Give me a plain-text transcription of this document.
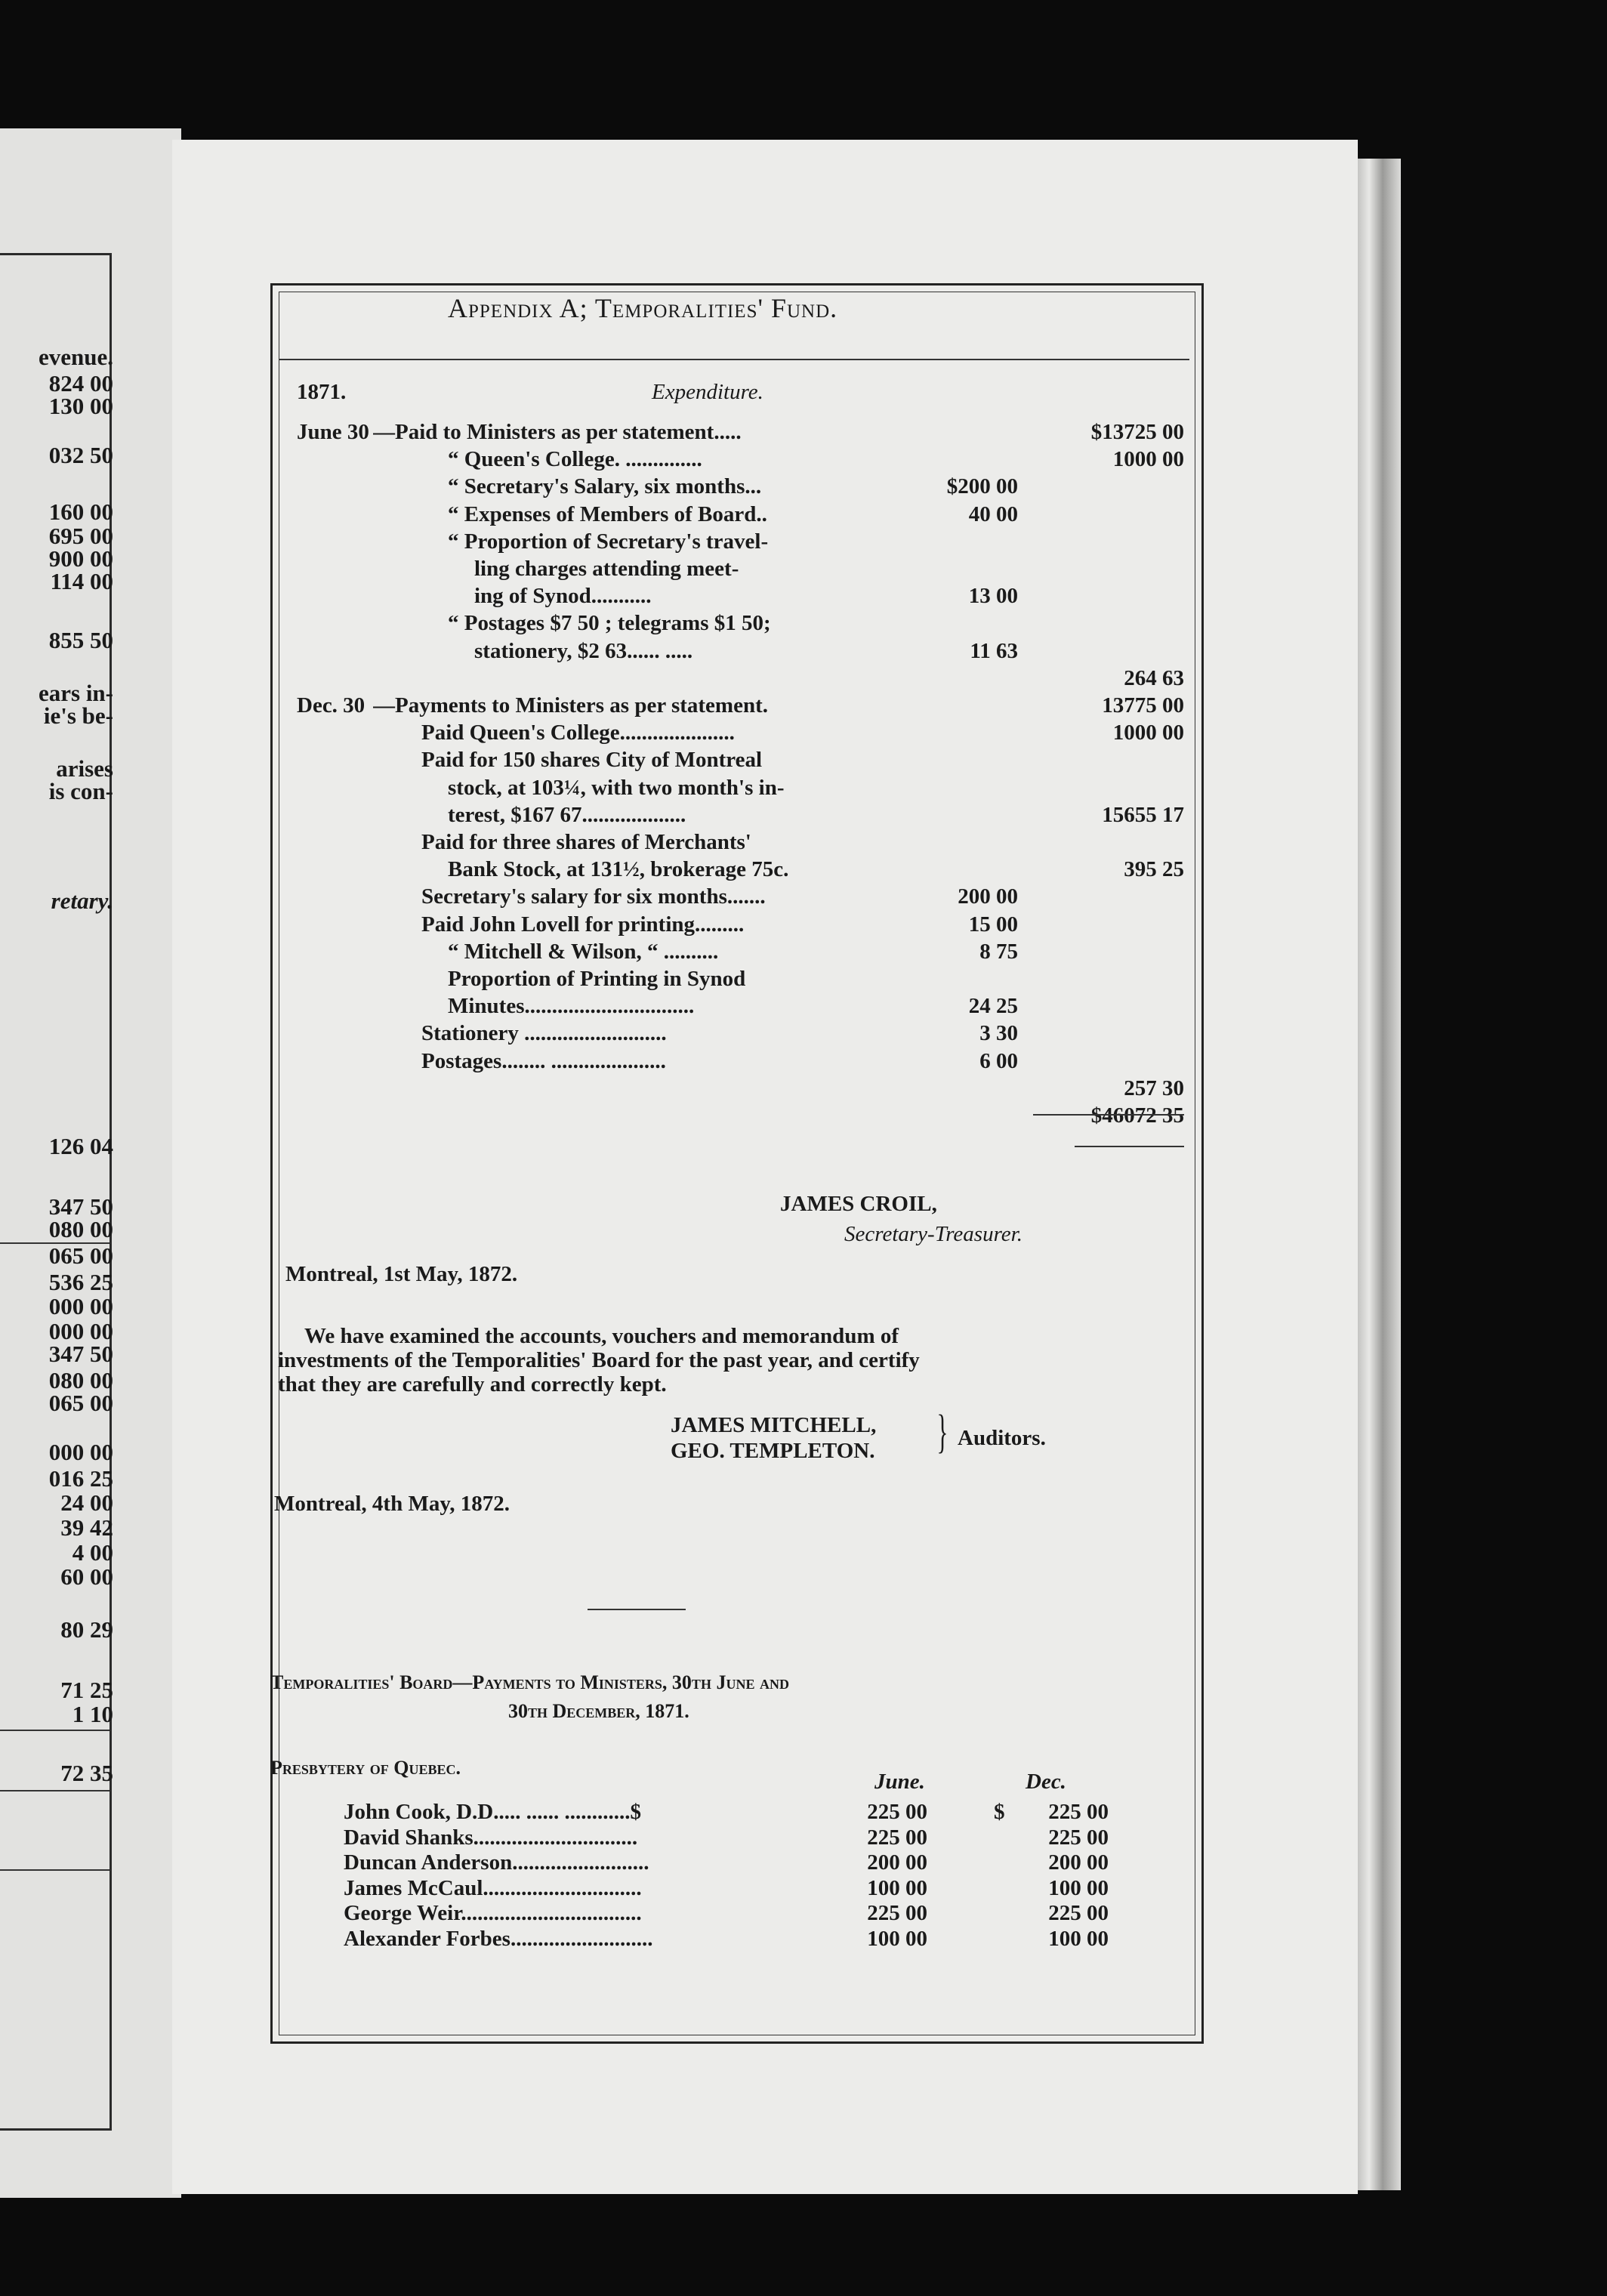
evenue.
824 00
130 00
032 50
160 00
695 00
900 00
114 00
855 50
ears in-
ie's be-
arises
is con-
retary.
126 04
347 50
080 00
065 00
536 25
000 00
000 00
347 50
080 00
065 00
000 00
016 25
24 00
39 42
4 00
60 00
80 29
71 25
1 10
72 35
Appendix A; Temporalities' Fund.
1871.	Expenditure.
June 30 —Paid to Ministers as per statement.....	$13725 00
“ Queen's College. ..............	1000 00
“ Secretary's Salary, six months...	$200 00
“ Expenses of Members of Board..	40 00
“ Proportion of Secretary's travel-
ling charges attending meet-
ing of Synod...........	13 00
“ Postages $7 50 ; telegrams $1 50;
stationery, $2 63...... .....	11 63
264 63
Dec. 30 —Payments to Ministers as per statement.	13775 00
Paid Queen's College.....................	1000 00
Paid for 150 shares City of Montreal
stock, at 103¼, with two month's in-
terest, $167 67...................	15655 17
Paid for three shares of Merchants'
Bank Stock, at 131½, brokerage 75c.	395 25
Secretary's salary for six months.......	200 00
Paid John Lovell for printing.........	15 00
“ Mitchell & Wilson, “ ..........	8 75
Proportion of Printing in Synod
Minutes...............................	24 25
Stationery ..........................	3 30
Postages........ .....................	6 00
257 30
$46072 35
JAMES CROIL,
Secretary-Treasurer.
Montreal, 1st May, 1872.
We have examined the accounts, vouchers and memorandum of
investments of the Temporalities' Board for the past year, and certify
that they are carefully and correctly kept.
JAMES MITCHELL,
GEO. TEMPLETON. } Auditors.
Montreal, 4th May, 1872.
Temporalities' Board—Payments to Ministers, 30th June and
30th December, 1871.
Presbytery of Quebec.
June.	Dec.
John Cook, D.D..... ...... ............$	225 00	$	225 00
David Shanks..............................	225 00	225 00
Duncan Anderson.........................	200 00	200 00
James McCaul.............................	100 00	100 00
George Weir.................................	225 00	225 00
Alexander Forbes..........................	100 00	100 00
